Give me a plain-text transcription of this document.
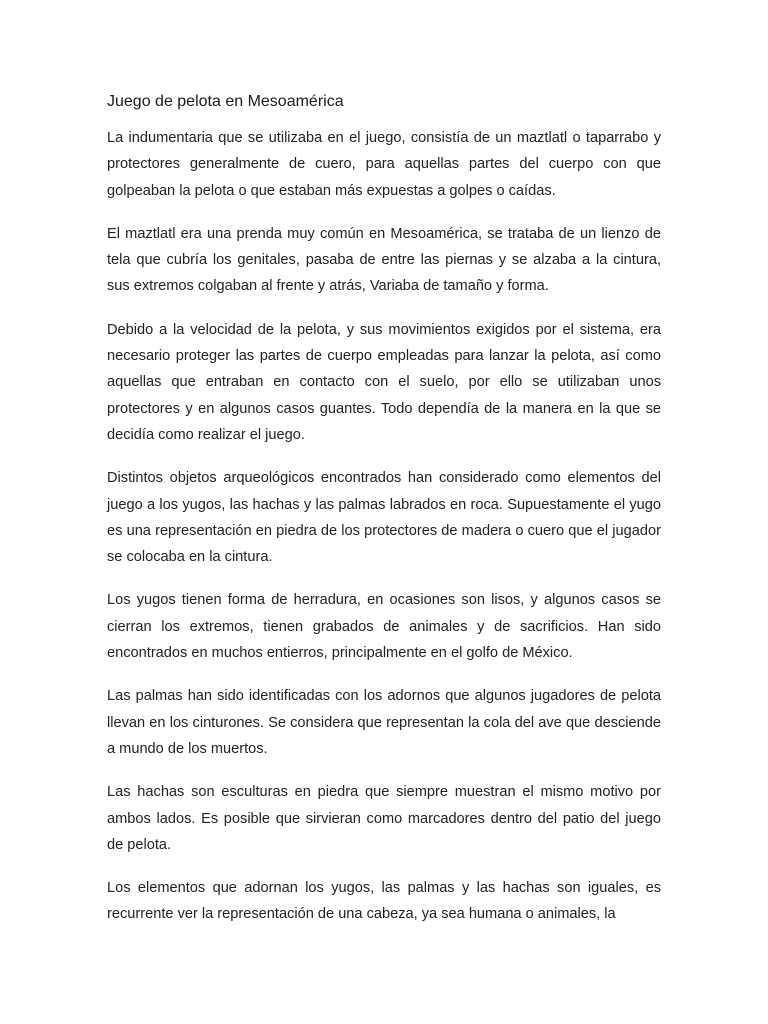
Juego de pelota en Mesoamérica

La indumentaria que se utilizaba en el juego, consistía de un maztlatl o taparrabo y protectores generalmente de cuero, para aquellas partes del cuerpo con que golpeaban la pelota o que estaban más expuestas a golpes o caídas.

El maztlatl era una prenda muy común en Mesoamérica, se trataba de un lienzo de tela que cubría los genitales, pasaba de entre las piernas y se alzaba a la cintura, sus extremos colgaban al frente y atrás, Variaba de tamaño y forma.

Debido a la velocidad de la pelota, y sus movimientos exigidos por el sistema, era necesario proteger las partes de cuerpo empleadas para lanzar la pelota, así como aquellas que entraban en contacto con el suelo, por ello se utilizaban unos protectores y en algunos casos guantes. Todo dependía de la manera en la que se decidía como realizar el juego.

Distintos objetos arqueológicos encontrados han considerado como elementos del juego a los yugos, las hachas y las palmas labrados en roca. Supuestamente el yugo es una representación en piedra de los protectores de madera o cuero que el jugador se colocaba en la cintura.

Los yugos tienen forma de herradura, en ocasiones son lisos, y algunos casos se cierran los extremos, tienen grabados de animales y de sacrificios. Han sido encontrados en muchos entierros, principalmente en el golfo de México.

Las palmas han sido identificadas con los adornos que algunos jugadores de pelota llevan en los cinturones. Se considera que representan la cola del ave que desciende a mundo de los muertos.

Las hachas son esculturas en piedra que siempre muestran el mismo motivo por ambos lados. Es posible que sirvieran como marcadores dentro del patio del juego de pelota.

Los elementos que adornan los yugos, las palmas y las hachas son iguales, es recurrente ver la representación de una cabeza, ya sea humana o animales, la
